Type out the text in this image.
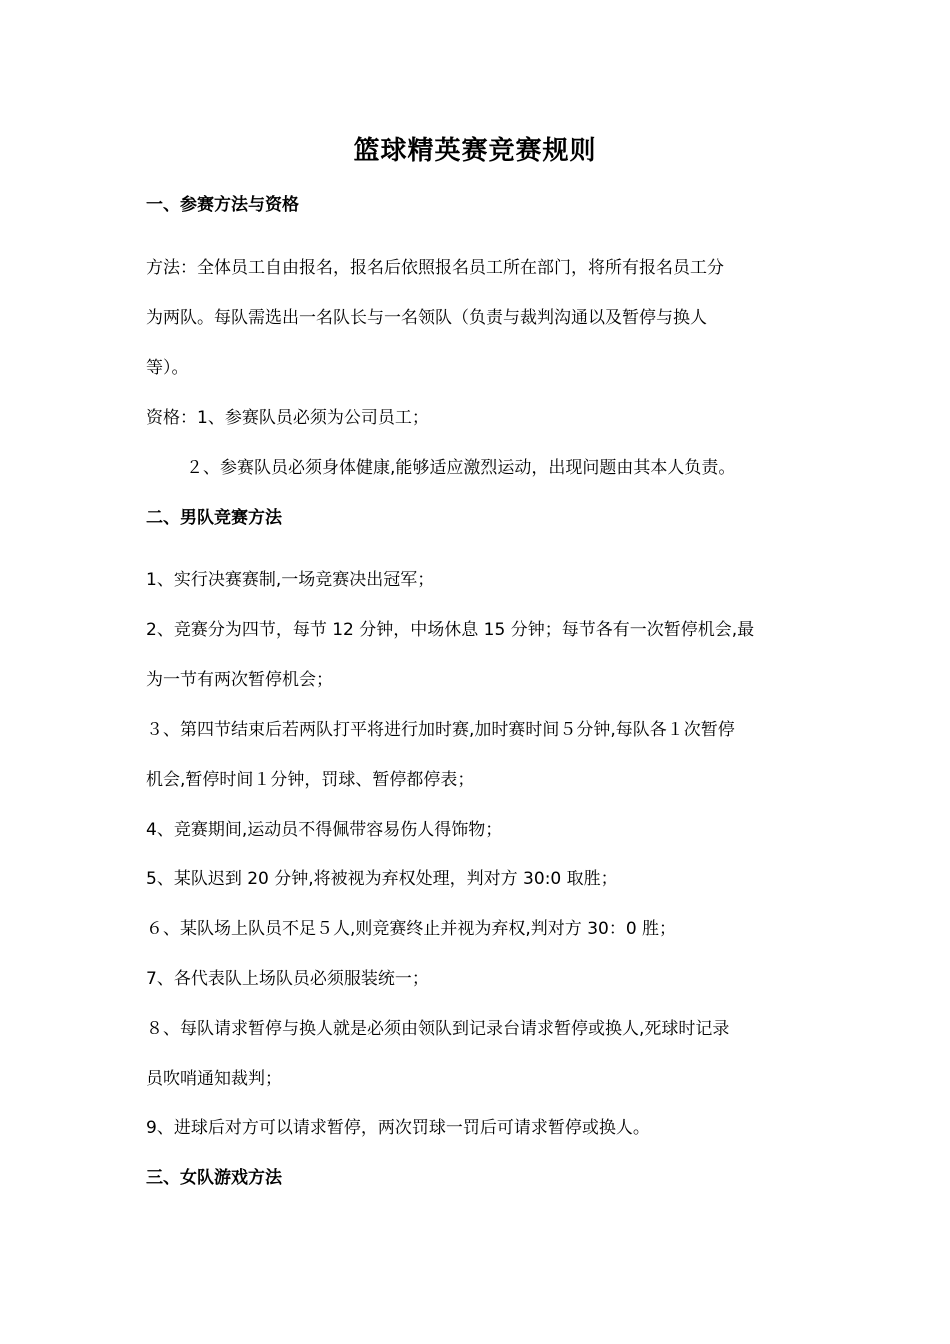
篮球精英赛竞赛规则
一、参赛方法与资格
方法：全体员工自由报名，报名后依照报名员工所在部门，将所有报名员工分
为两队。每队需选出一名队长与一名领队（负责与裁判沟通以及暂停与换人
等）。
资格：1、参赛队员必须为公司员工；
２、参赛队员必须身体健康,能够适应激烈运动，出现问题由其本人负责。
二、男队竞赛方法
1、实行决赛赛制,一场竞赛决出冠军；
2、竞赛分为四节，每节 12 分钟，中场休息 15 分钟；每节各有一次暂停机会,最
为一节有两次暂停机会；
３、第四节结束后若两队打平将进行加时赛,加时赛时间５分钟,每队各１次暂停
机会,暂停时间１分钟，罚球、暂停都停表；
4、竞赛期间,运动员不得佩带容易伤人得饰物；
5、某队迟到 20 分钟,将被视为弃权处理，判对方 30:0 取胜；
６、某队场上队员不足５人,则竞赛终止并视为弃权,判对方 30：0 胜；
7、各代表队上场队员必须服装统一；
８、每队请求暂停与换人就是必须由领队到记录台请求暂停或换人,死球时记录
员吹哨通知裁判；
9、进球后对方可以请求暂停，两次罚球一罚后可请求暂停或换人。
三、女队游戏方法
